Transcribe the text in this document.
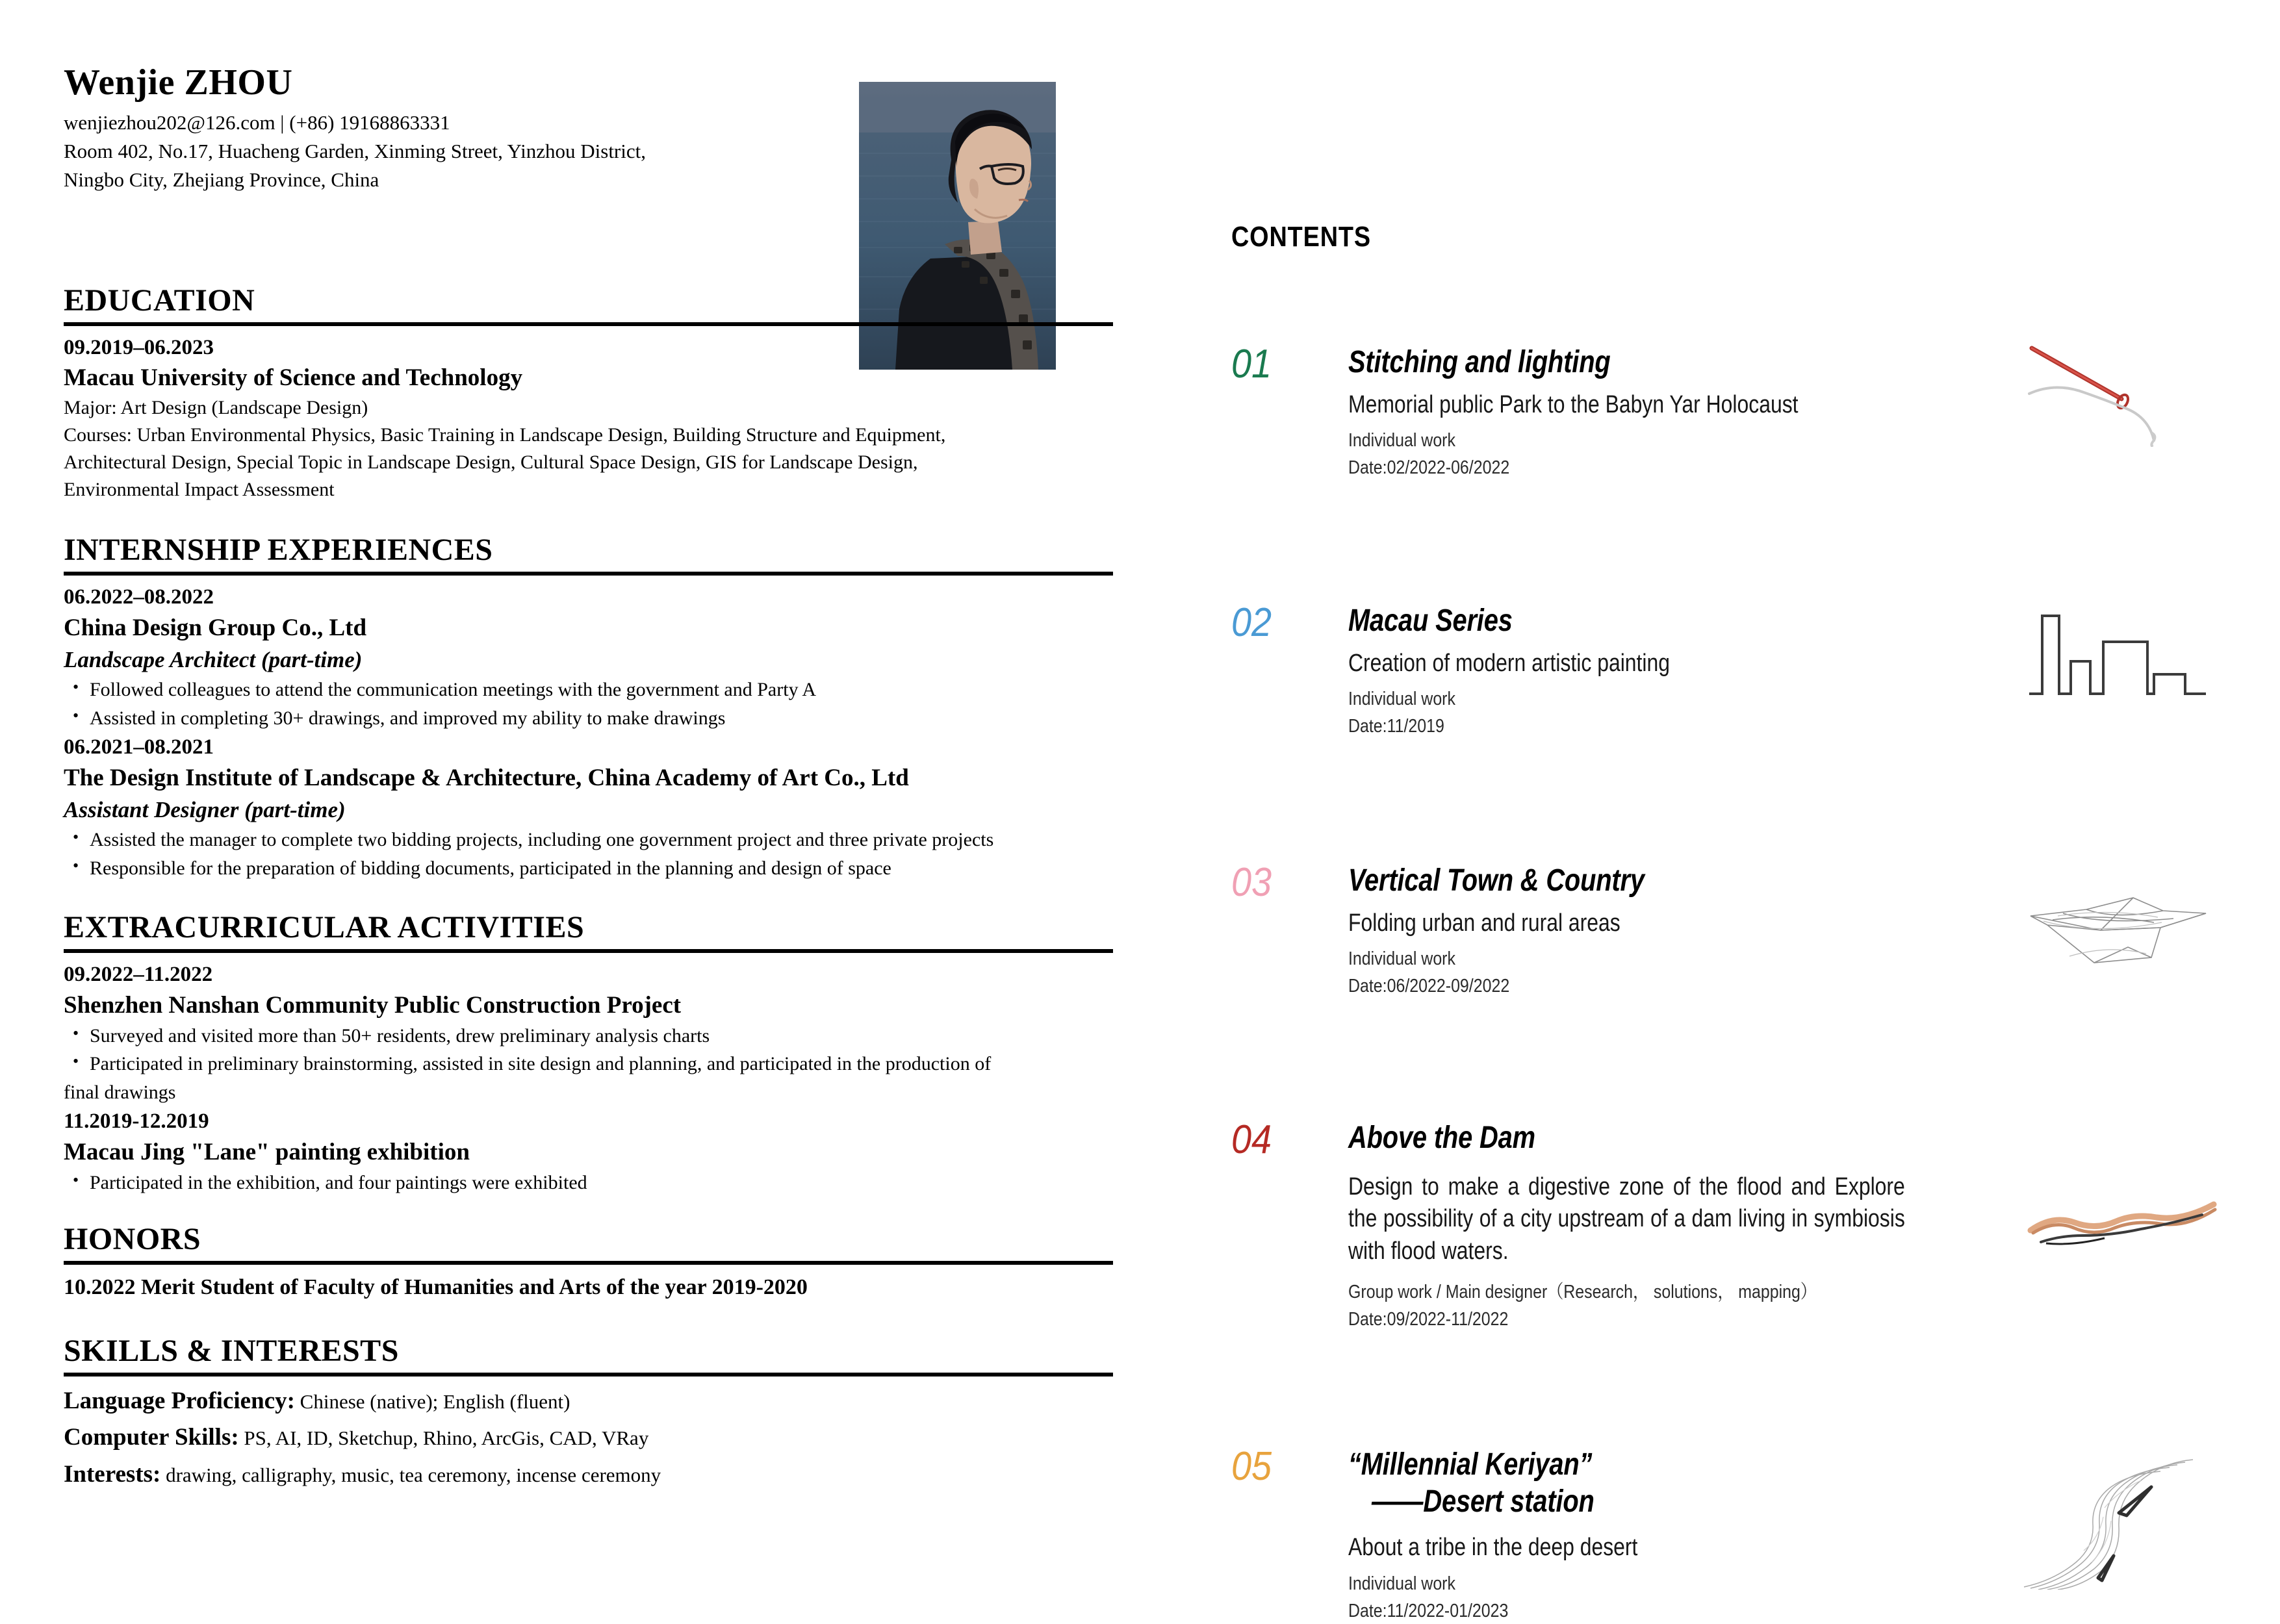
Wenjie ZHOU
wenjiezhou202@126.com | (+86) 19168863331
Room 402, No.17, Huacheng Garden, Xinming Street, Yinzhou District,
Ningbo City, Zhejiang Province, China
EDUCATION
09.2019–06.2023
Macau University of Science and Technology
Major: Art Design (Landscape Design)
Courses: Urban Environmental Physics, Basic Training in Landscape Design, Building Structure and Equipment,
Architectural Design, Special Topic in Landscape Design, Cultural Space Design, GIS for Landscape Design,
Environmental Impact Assessment
INTERNSHIP EXPERIENCES
06.2022–08.2022
China Design Group Co., Ltd
Landscape Architect (part-time)
• Followed colleagues to attend the communication meetings with the government and Party A
• Assisted in completing 30+ drawings, and improved my ability to make drawings
06.2021–08.2021
The Design Institute of Landscape & Architecture, China Academy of Art Co., Ltd
Assistant Designer (part-time)
• Assisted the manager to complete two bidding projects, including one government project and three private projects
• Responsible for the preparation of bidding documents, participated in the planning and design of space
EXTRACURRICULAR ACTIVITIES
09.2022–11.2022
Shenzhen Nanshan Community Public Construction Project
• Surveyed and visited more than 50+ residents, drew preliminary analysis charts
• Participated in preliminary brainstorming, assisted in site design and planning, and participated in the production of
final drawings
11.2019-12.2019
Macau Jing "Lane" painting exhibition
• Participated in the exhibition, and four paintings were exhibited
HONORS
10.2022 Merit Student of Faculty of Humanities and Arts of the year 2019-2020
SKILLS & INTERESTS
Language Proficiency: Chinese (native); English (fluent)
Computer Skills: PS, AI, ID, Sketchup, Rhino, ArcGis, CAD, VRay
Interests: drawing, calligraphy, music, tea ceremony, incense ceremony
CONTENTS
01	Stitching and lighting
Memorial public Park to the Babyn Yar Holocaust
Individual work
Date:02/2022-06/2022
02	Macau Series
Creation of modern artistic painting
Individual work
Date:11/2019
03	Vertical Town & Country
Folding urban and rural areas
Individual work
Date:06/2022-09/2022
04	Above the Dam
Design to make a digestive zone of the flood and Explore the possibility of a city upstream of a dam living in symbiosis with flood waters.
Group work / Main designer（Research， solutions， mapping）
Date:09/2022-11/2022
05	“Millennial Keriyan”
——Desert station
About a tribe in the deep desert
Individual work
Date:11/2022-01/2023
